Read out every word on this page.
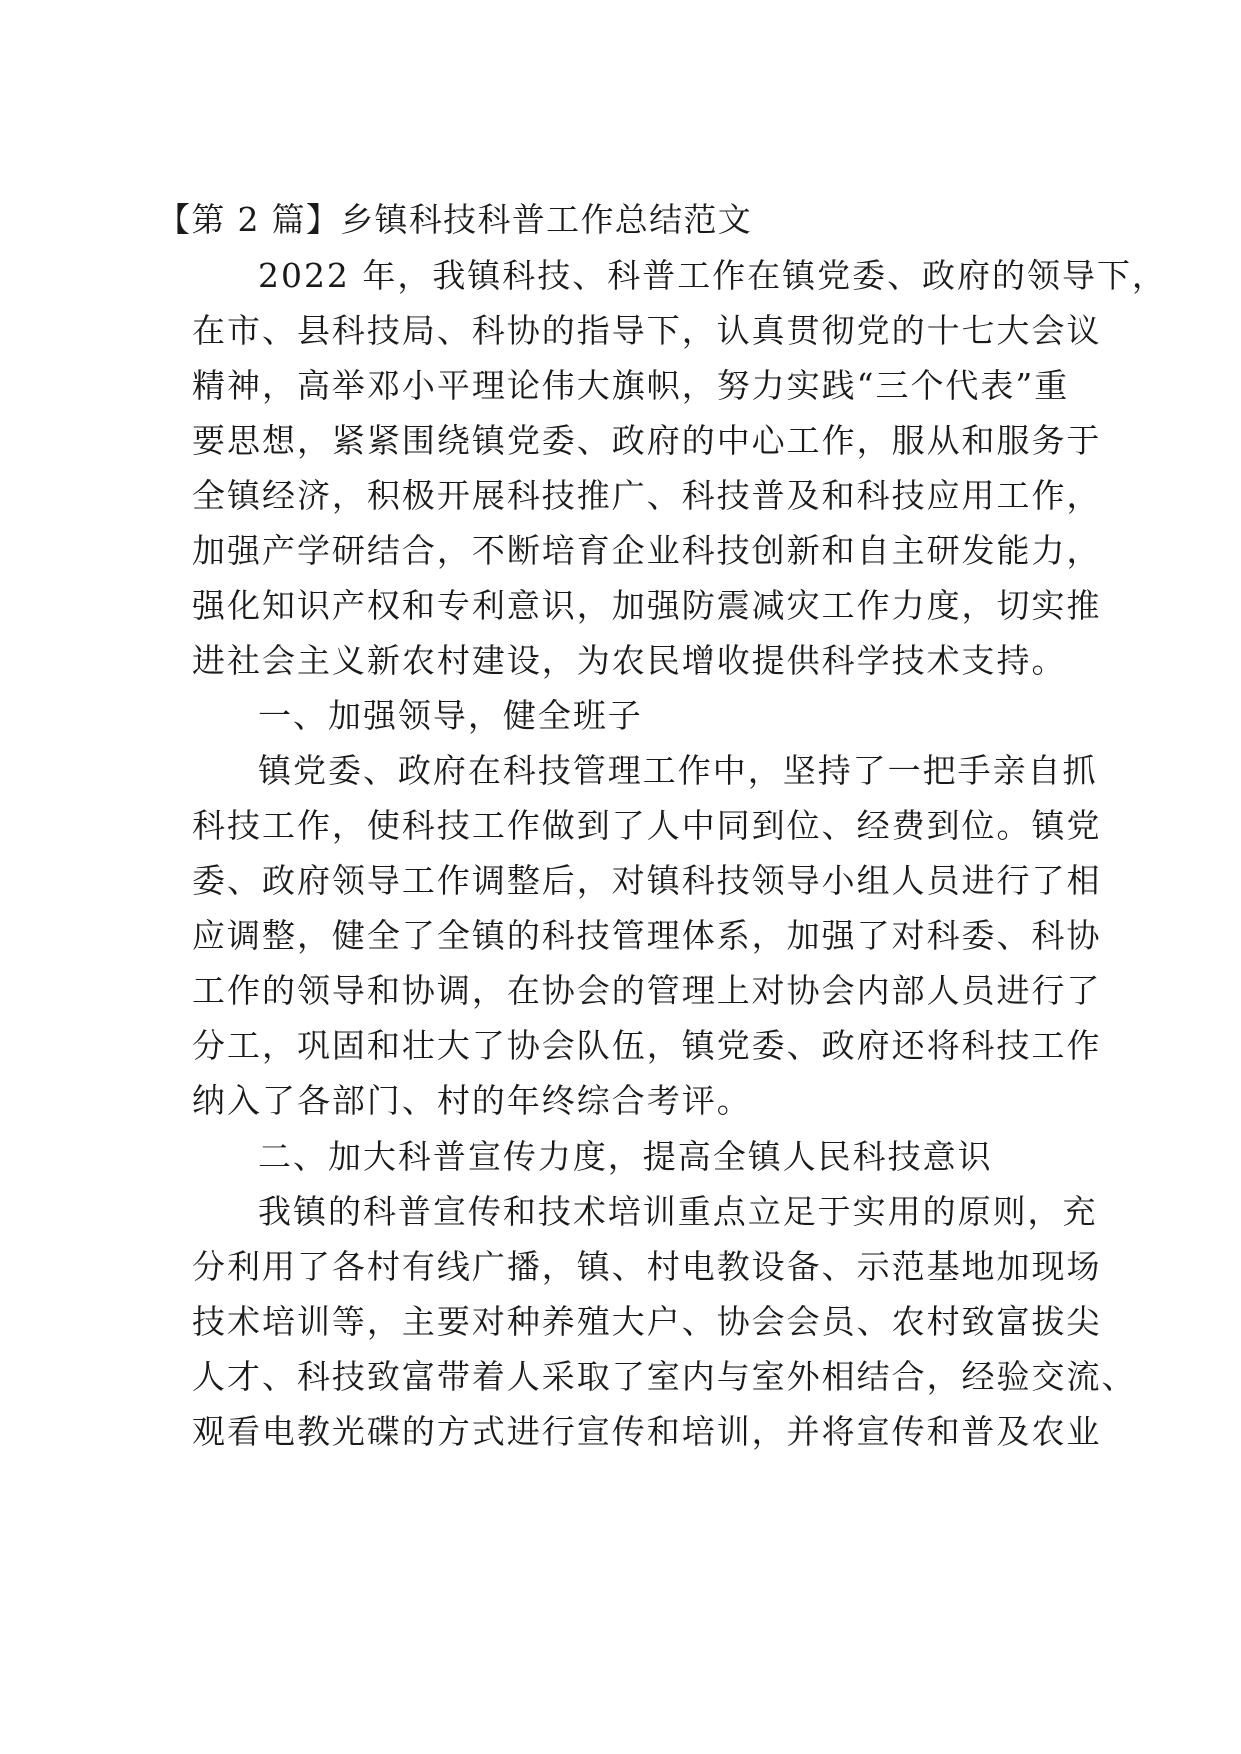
【第 2 篇】乡镇科技科普工作总结范文
2022 年，我镇科技、科普工作在镇党委、政府的领导下，
在市、县科技局、科协的指导下，认真贯彻党的十七大会议
精神，高举邓小平理论伟大旗帜，努力实践“三个代表”重
要思想，紧紧围绕镇党委、政府的中心工作，服从和服务于
全镇经济，积极开展科技推广、科技普及和科技应用工作，
加强产学研结合，不断培育企业科技创新和自主研发能力，
强化知识产权和专利意识，加强防震减灾工作力度，切实推
进社会主义新农村建设，为农民增收提供科学技术支持。
一、加强领导，健全班子
镇党委、政府在科技管理工作中，坚持了一把手亲自抓
科技工作，使科技工作做到了人中同到位、经费到位。镇党
委、政府领导工作调整后，对镇科技领导小组人员进行了相
应调整，健全了全镇的科技管理体系，加强了对科委、科协
工作的领导和协调，在协会的管理上对协会内部人员进行了
分工，巩固和壮大了协会队伍，镇党委、政府还将科技工作
纳入了各部门、村的年终综合考评。
二、加大科普宣传力度，提高全镇人民科技意识
我镇的科普宣传和技术培训重点立足于实用的原则，充
分利用了各村有线广播，镇、村电教设备、示范基地加现场
技术培训等，主要对种养殖大户、协会会员、农村致富拔尖
人才、科技致富带着人采取了室内与室外相结合，经验交流、
观看电教光碟的方式进行宣传和培训，并将宣传和普及农业
